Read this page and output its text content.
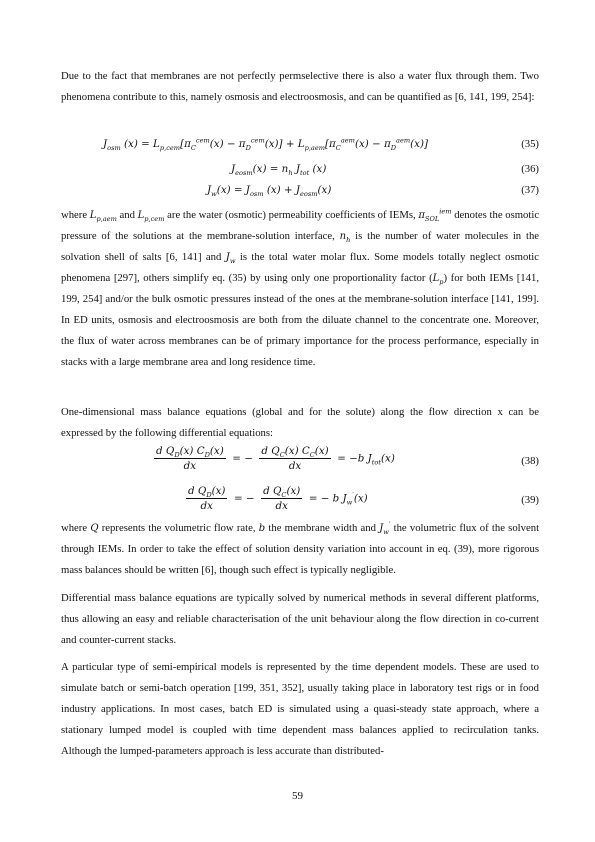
Due to the fact that membranes are not perfectly permselective there is also a water flux through them. Two phenomena contribute to this, namely osmosis and electroosmosis, and can be quantified as [6, 141, 199, 254]:

$J_{osm}$ $(x) = L_{p,cem}[\pi_C^{cem}(x) - \pi_D^{cem}(x)] + L_{p,aem}[\pi_C^{aem}(x) - \pi_D^{aem}(x)]$	(35)
$J_{eosm}(x) = n_h$ $J_{tot}$ (x)	(36)
$J_w(x) = J_{osm}$ $(x) + J_{eosm}(x)$	(37)

where $L_{p,aem}$ and $L_{p,cem}$ are the water (osmotic) permeability coefficients of IEMs, $\pi_{SOL}^{iem}$ denotes the osmotic pressure of the solutions at the membrane-solution interface, $n_h$ is the number of water molecules in the solvation shell of salts [6, 141] and $J_w$ is the total water molar flux. Some models totally neglect osmotic phenomena [297], others simplify eq. (35) by using only one proportionality factor $(L_p)$ for both IEMs [141, 199, 254] and/or the bulk osmotic pressures instead of the ones at the membrane-solution interface [141, 199]. In ED units, osmosis and electroosmosis are both from the diluate channel to the concentrate one. Moreover, the flux of water across membranes can be of primary importance for the process performance, especially in stacks with a large membrane area and long residence time.

One-dimensional mass balance equations (global and for the solute) along the flow direction x can be expressed by the following differential equations:

$\frac{d Q_D(x) C_D(x)}{dx}$ = − $\frac{d Q_C(x) C_C(x)}{dx} = -b$ $J_{tot}(x)$	(38)
$\frac{d Q_D(x)}{dx}$ = − $\frac{d Q_C(x)}{dx}$ = − b $J_w'(x)$	(39)

where Q represents the volumetric flow rate, b the membrane width and $J_w'$ the volumetric flux of the solvent through IEMs. In order to take the effect of solution density variation into account in eq. (39), more rigorous mass balances should be written [6], though such effect is typically negligible.

Differential mass balance equations are typically solved by numerical methods in several different platforms, thus allowing an easy and reliable characterisation of the unit behaviour along the flow direction in co-current and counter-current stacks.

A particular type of semi-empirical models is represented by the time dependent models. These are used to simulate batch or semi-batch operation [199, 351, 352], usually taking place in laboratory test rigs or in food industry applications. In most cases, batch ED is simulated using a quasi-steady state approach, where a stationary lumped model is coupled with time dependent mass balances applied to recirculation tanks. Although the lumped-parameters approach is less accurate than distributed-

59
